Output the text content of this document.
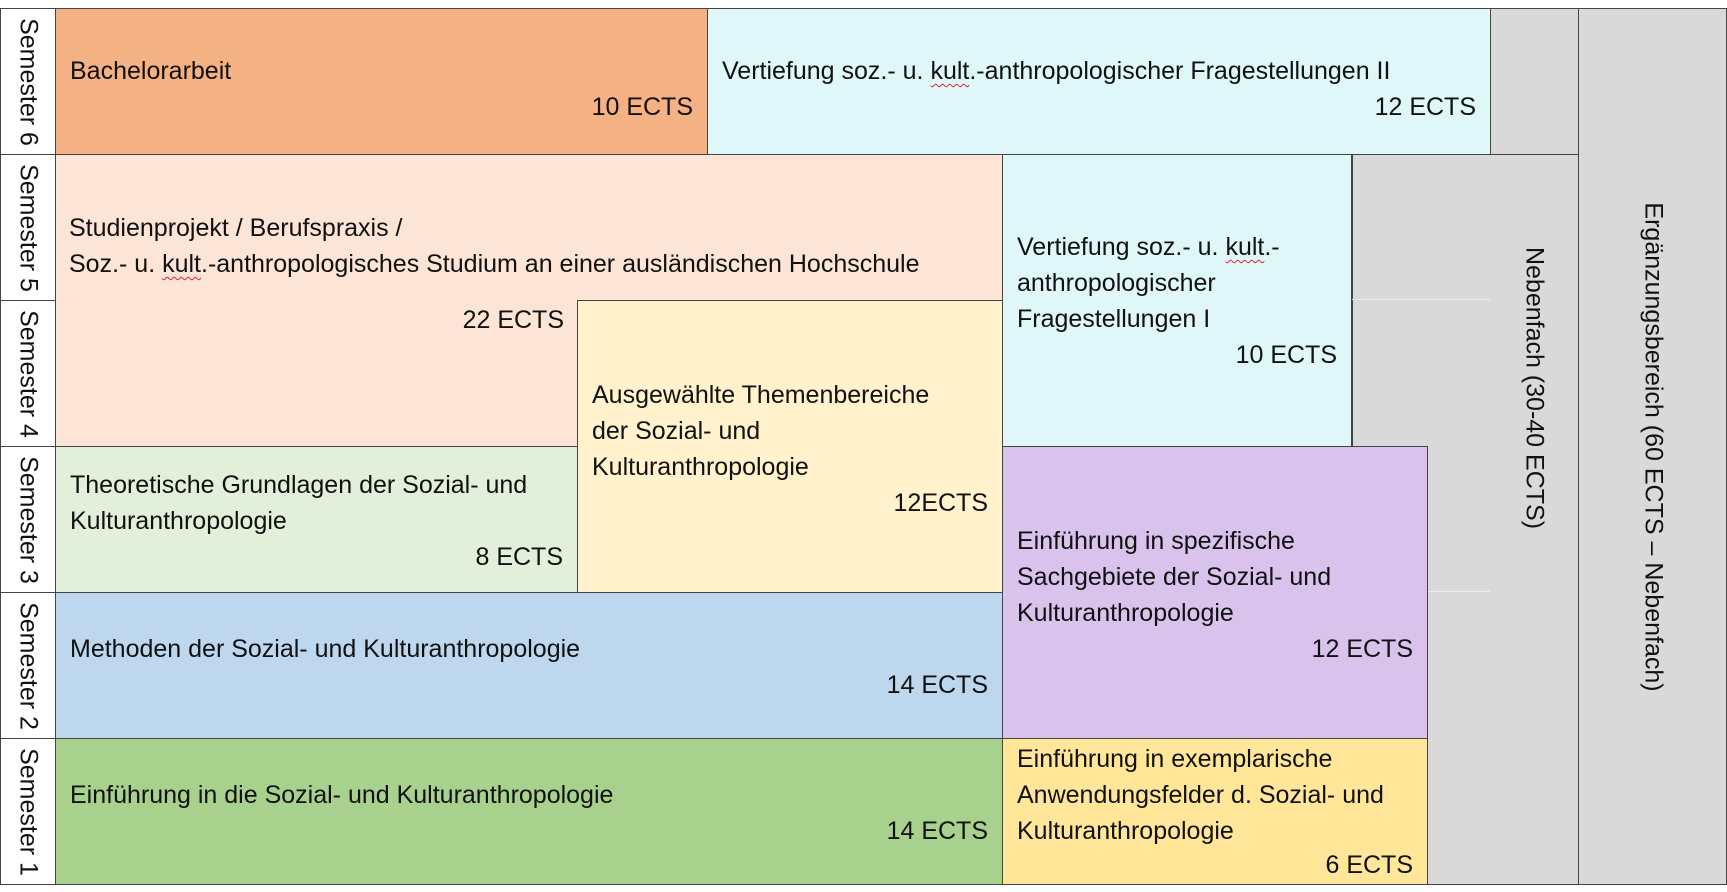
Ergänzungsbereich (60 ECTS – Nebenfach)
Nebenfach (30-40 ECTS)
Semester 6
Semester 5
Semester 4
Semester 3
Semester 2
Semester 1
Bachelorarbeit
10 ECTS
Vertiefung soz.- u. kult.-anthropologischer Fragestellungen II
12 ECTS
Studienprojekt / Berufspraxis /
Soz.- u. kult.-anthropologisches Studium an einer ausländischen Hochschule
22 ECTS
Vertiefung soz.- u. kult.-
anthropologischer
Fragestellungen I
10 ECTS
Ausgewählte Themenbereiche
der Sozial- und
Kulturanthropologie
12ECTS
Theoretische Grundlagen der Sozial- und
Kulturanthropologie
8 ECTS
Einführung in spezifische
Sachgebiete der Sozial- und
Kulturanthropologie
12 ECTS
Methoden der Sozial- und Kulturanthropologie
14 ECTS
Einführung in die Sozial- und Kulturanthropologie
14 ECTS
Einführung in exemplarische
Anwendungsfelder d. Sozial- und
Kulturanthropologie
6 ECTS
